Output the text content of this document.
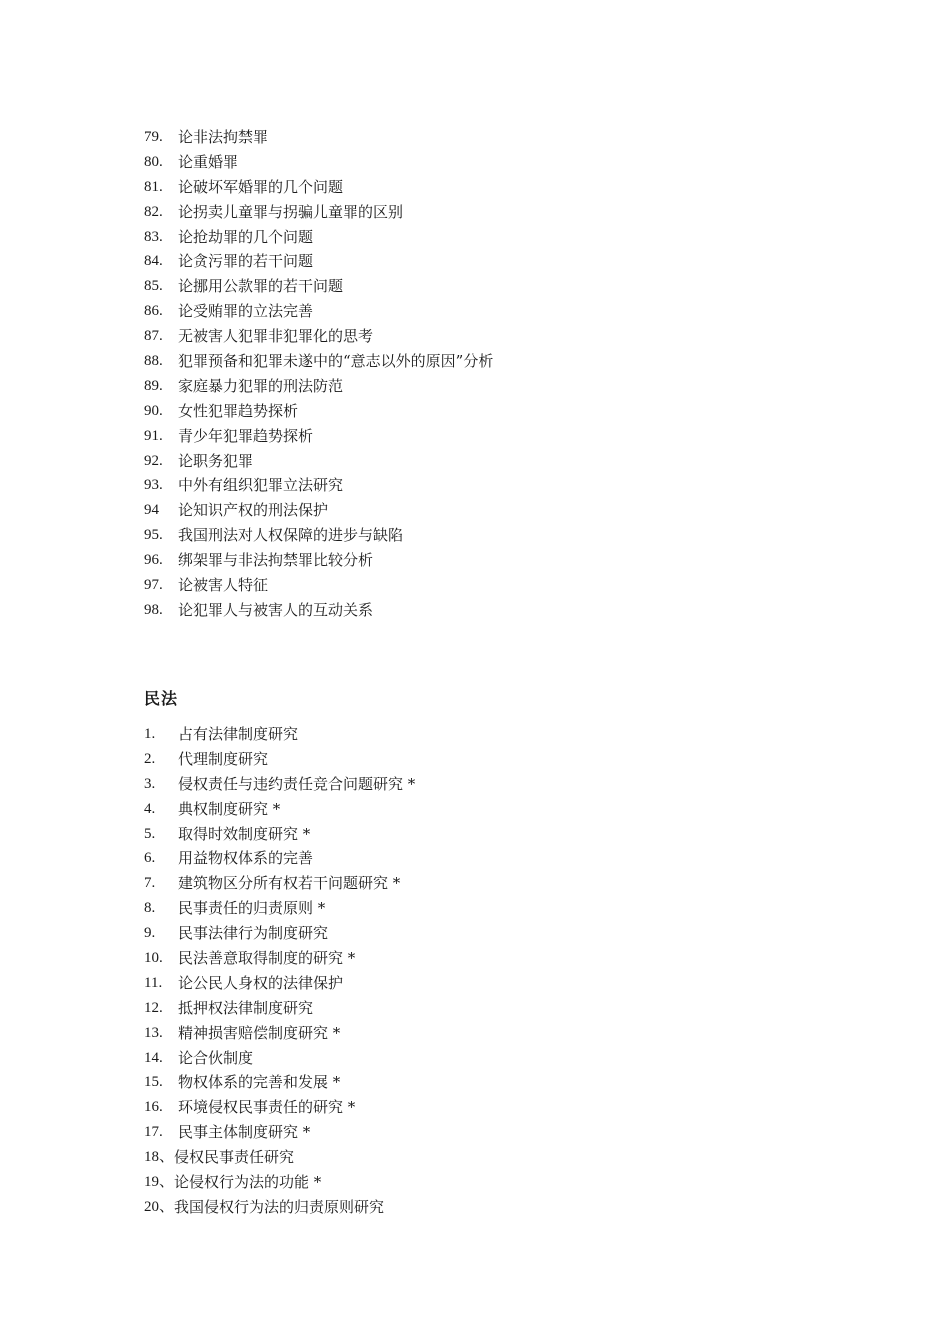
79.	论非法拘禁罪
80.	论重婚罪
81.	论破坏军婚罪的几个问题
82.	论拐卖儿童罪与拐骗儿童罪的区别
83.	论抢劫罪的几个问题
84.	论贪污罪的若干问题
85.	论挪用公款罪的若干问题
86.	论受贿罪的立法完善
87.	无被害人犯罪非犯罪化的思考
88.	犯罪预备和犯罪未遂中的“意志以外的原因”分析
89.	家庭暴力犯罪的刑法防范
90.	女性犯罪趋势探析
91.	青少年犯罪趋势探析
92.	论职务犯罪
93.	中外有组织犯罪立法研究
94	论知识产权的刑法保护
95.	我国刑法对人权保障的进步与缺陷
96.	绑架罪与非法拘禁罪比较分析
97.	论被害人特征
98.	论犯罪人与被害人的互动关系
民法
1.	占有法律制度研究
2.	代理制度研究
3.	侵权责任与违约责任竞合问题研究 *
4.	典权制度研究 *
5.	取得时效制度研究 *
6.	用益物权体系的完善
7.	建筑物区分所有权若干问题研究 *
8.	民事责任的归责原则 *
9.	民事法律行为制度研究
10.	民法善意取得制度的研究 *
11.	论公民人身权的法律保护
12.	抵押权法律制度研究
13.	精神损害赔偿制度研究 *
14.	论合伙制度
15.	物权体系的完善和发展 *
16.	环境侵权民事责任的研究 *
17.	民事主体制度研究 *
18、 侵权民事责任研究
19、 论侵权行为法的功能 *
20、 我国侵权行为法的归责原则研究
